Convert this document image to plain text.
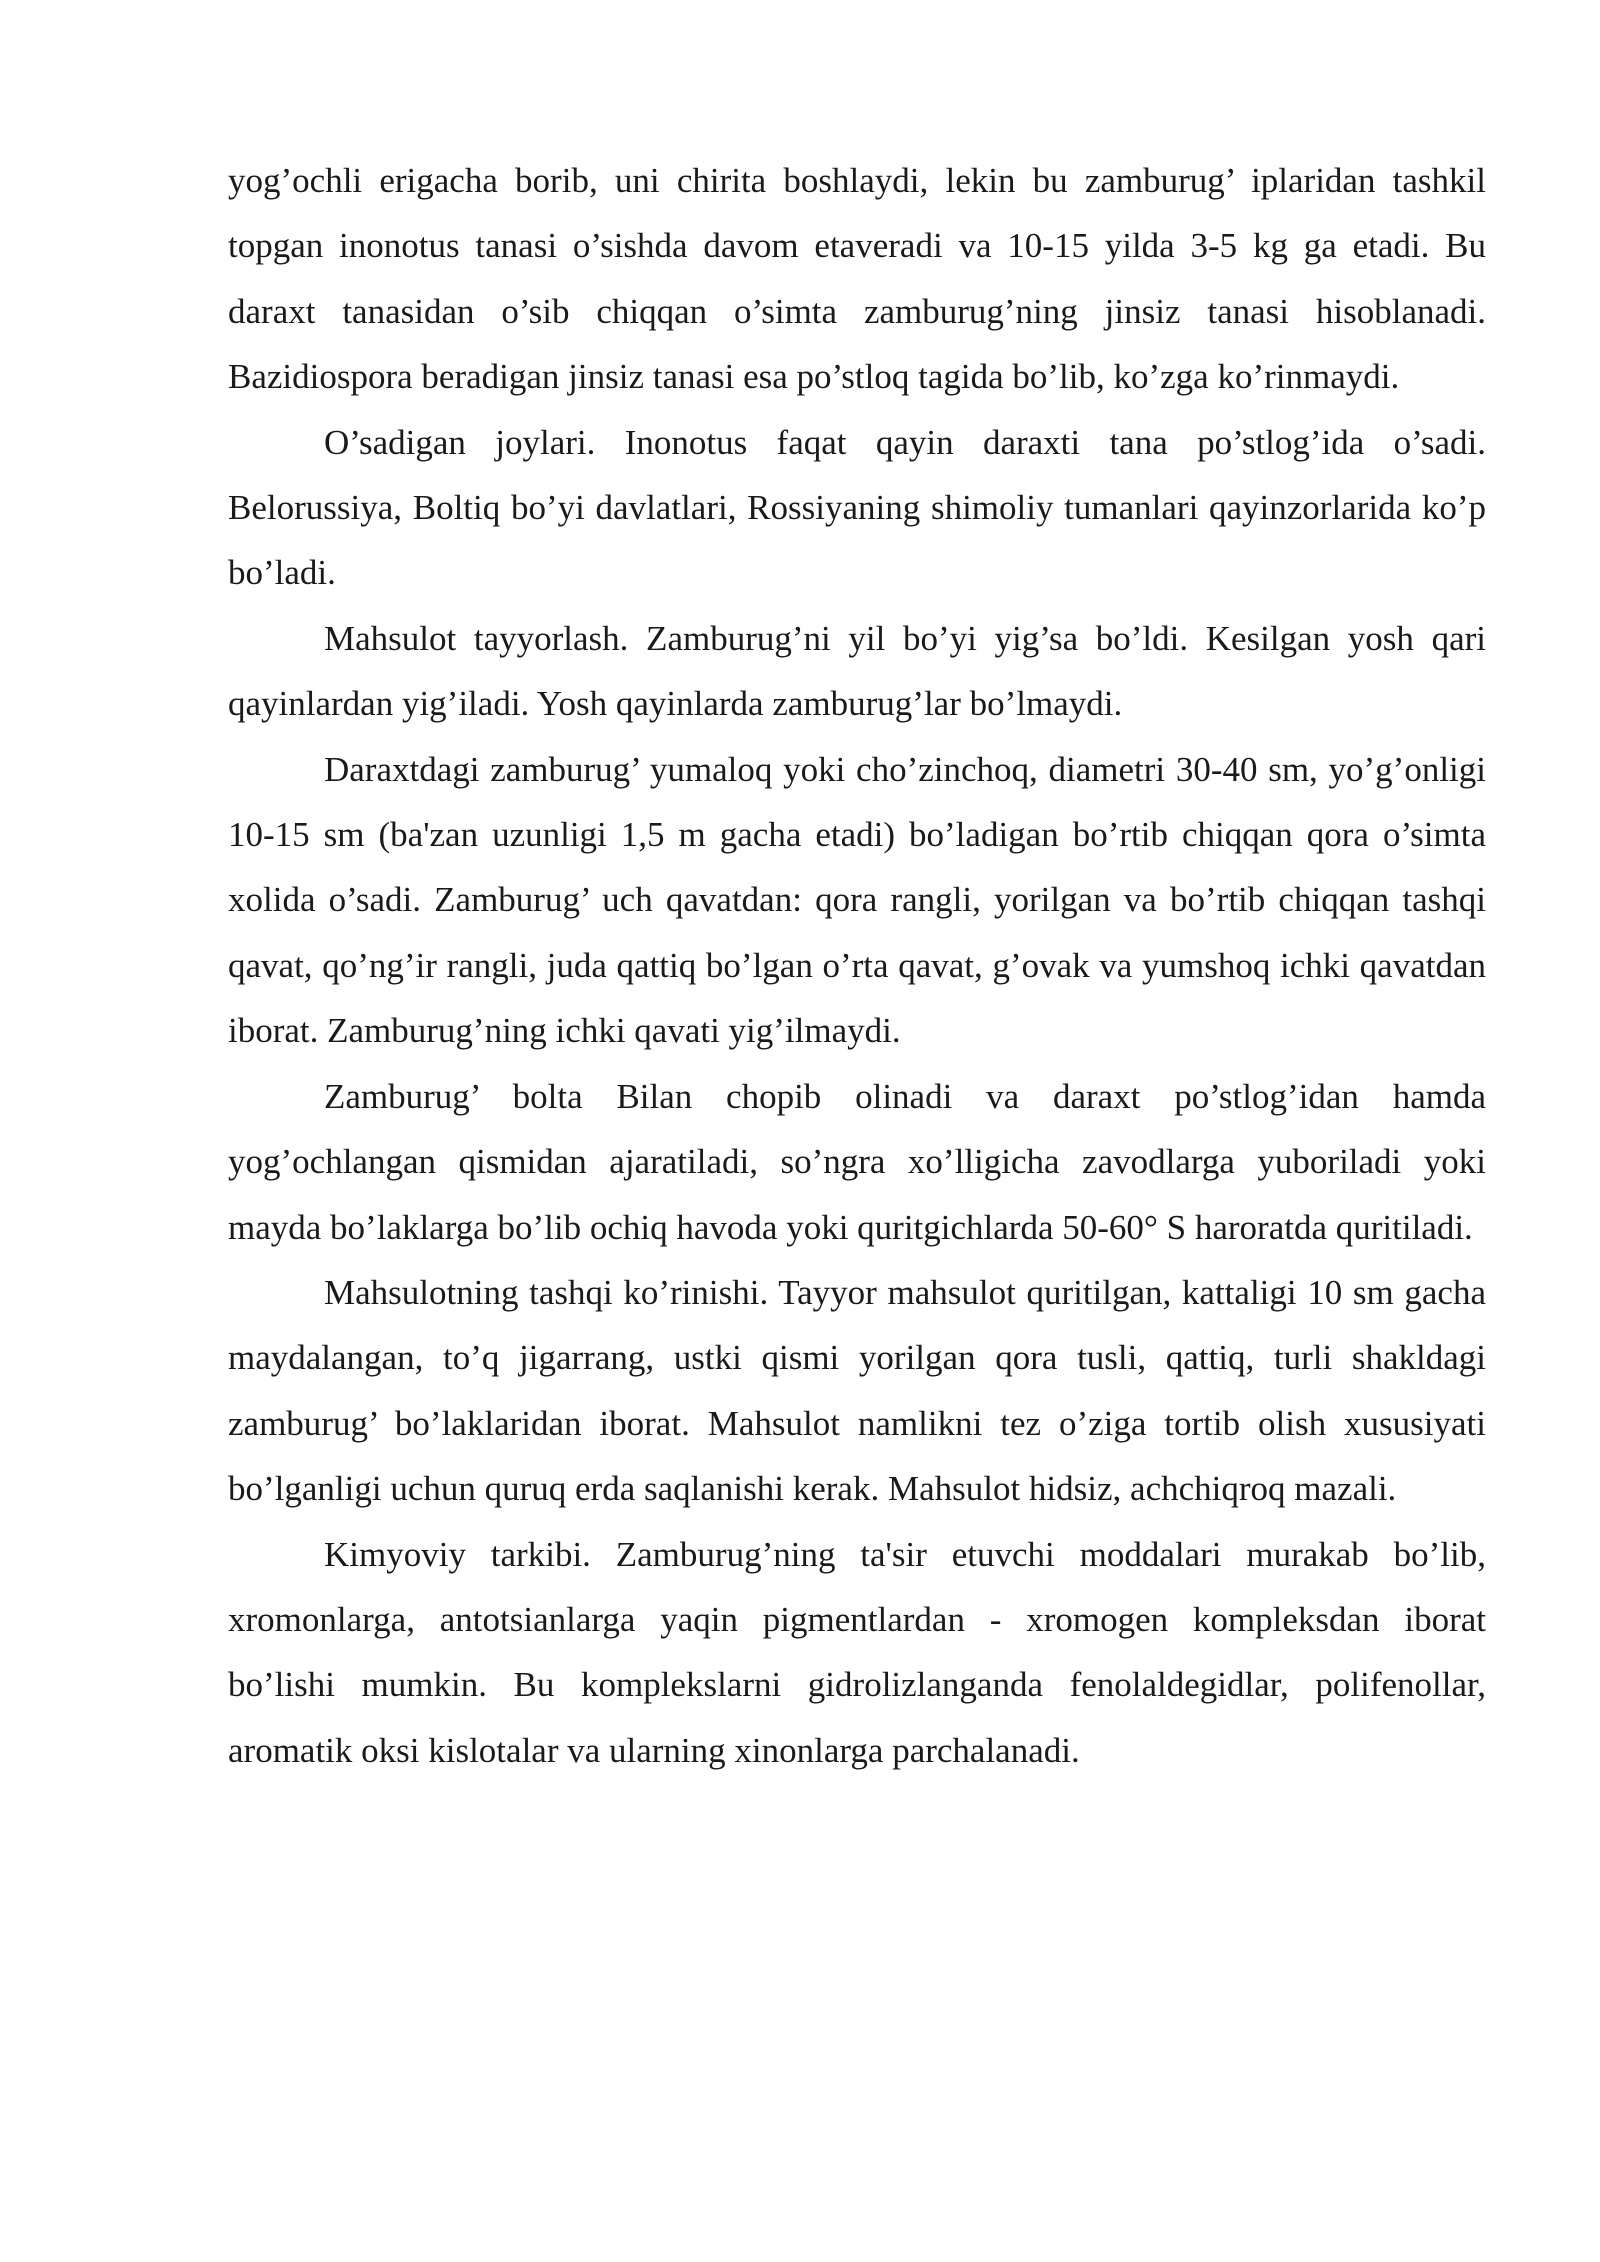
yog’ochli erigacha borib, uni chirita boshlaydi, lekin bu zamburug’ iplaridan tashkil topgan inonotus tanasi o’sishda davom etaveradi va 10-15 yilda 3-5 kg ga etadi. Bu daraxt tanasidan o’sib chiqqan o’simta zamburug’ning jinsiz tanasi hisoblanadi. Bazidiospora beradigan jinsiz tanasi esa po’stloq tagida bo’lib, ko’zga ko’rinmaydi.

O’sadigan joylari. Inonotus faqat qayin daraxti tana po’stlog’ida o’sadi. Belorussiya, Boltiq bo’yi davlatlari, Rossiyaning shimoliy tumanlari qayinzorlarida ko’p bo’ladi.

Mahsulot tayyorlash. Zamburug’ni yil bo’yi yig’sa bo’ldi. Kesilgan yosh qari qayinlardan yig’iladi. Yosh qayinlarda zamburug’lar bo’lmaydi.

Daraxtdagi zamburug’ yumaloq yoki cho’zinchoq, diametri 30-40 sm, yo’g’onligi 10-15 sm (ba'zan uzunligi 1,5 m gacha etadi) bo’ladigan bo’rtib chiqqan qora o’simta xolida o’sadi. Zamburug’ uch qavatdan: qora rangli, yorilgan va bo’rtib chiqqan tashqi qavat, qo’ng’ir rangli, juda qattiq bo’lgan o’rta qavat, g’ovak va yumshoq ichki qavatdan iborat. Zamburug’ning ichki qavati yig’ilmaydi.

Zamburug’ bolta Bilan chopib olinadi va daraxt po’stlog’idan hamda yog’ochlangan qismidan ajaratiladi, so’ngra xo’lligicha zavodlarga yuboriladi yoki mayda bo’laklarga bo’lib ochiq havoda yoki quritgichlarda 50-60° S haroratda quritiladi.

Mahsulotning tashqi ko’rinishi. Tayyor mahsulot quritilgan, kattaligi 10 sm gacha maydalangan, to’q jigarrang, ustki qismi yorilgan qora tusli, qattiq, turli shakldagi zamburug’ bo’laklaridan iborat. Mahsulot namlikni tez o’ziga tortib olish xususiyati bo’lganligi uchun quruq erda saqlanishi kerak. Mahsulot hidsiz, achchiqroq mazali.

Kimyoviy tarkibi. Zamburug’ning ta'sir etuvchi moddalari murakab bo’lib, xromonlarga, antotsianlarga yaqin pigmentlardan - xromogen kompleksdan iborat bo’lishi mumkin. Bu komplekslarni gidrolizlanganda fenolaldegidlar, polifenollar, aromatik oksi kislotalar va ularning xinonlarga parchalanadi.
